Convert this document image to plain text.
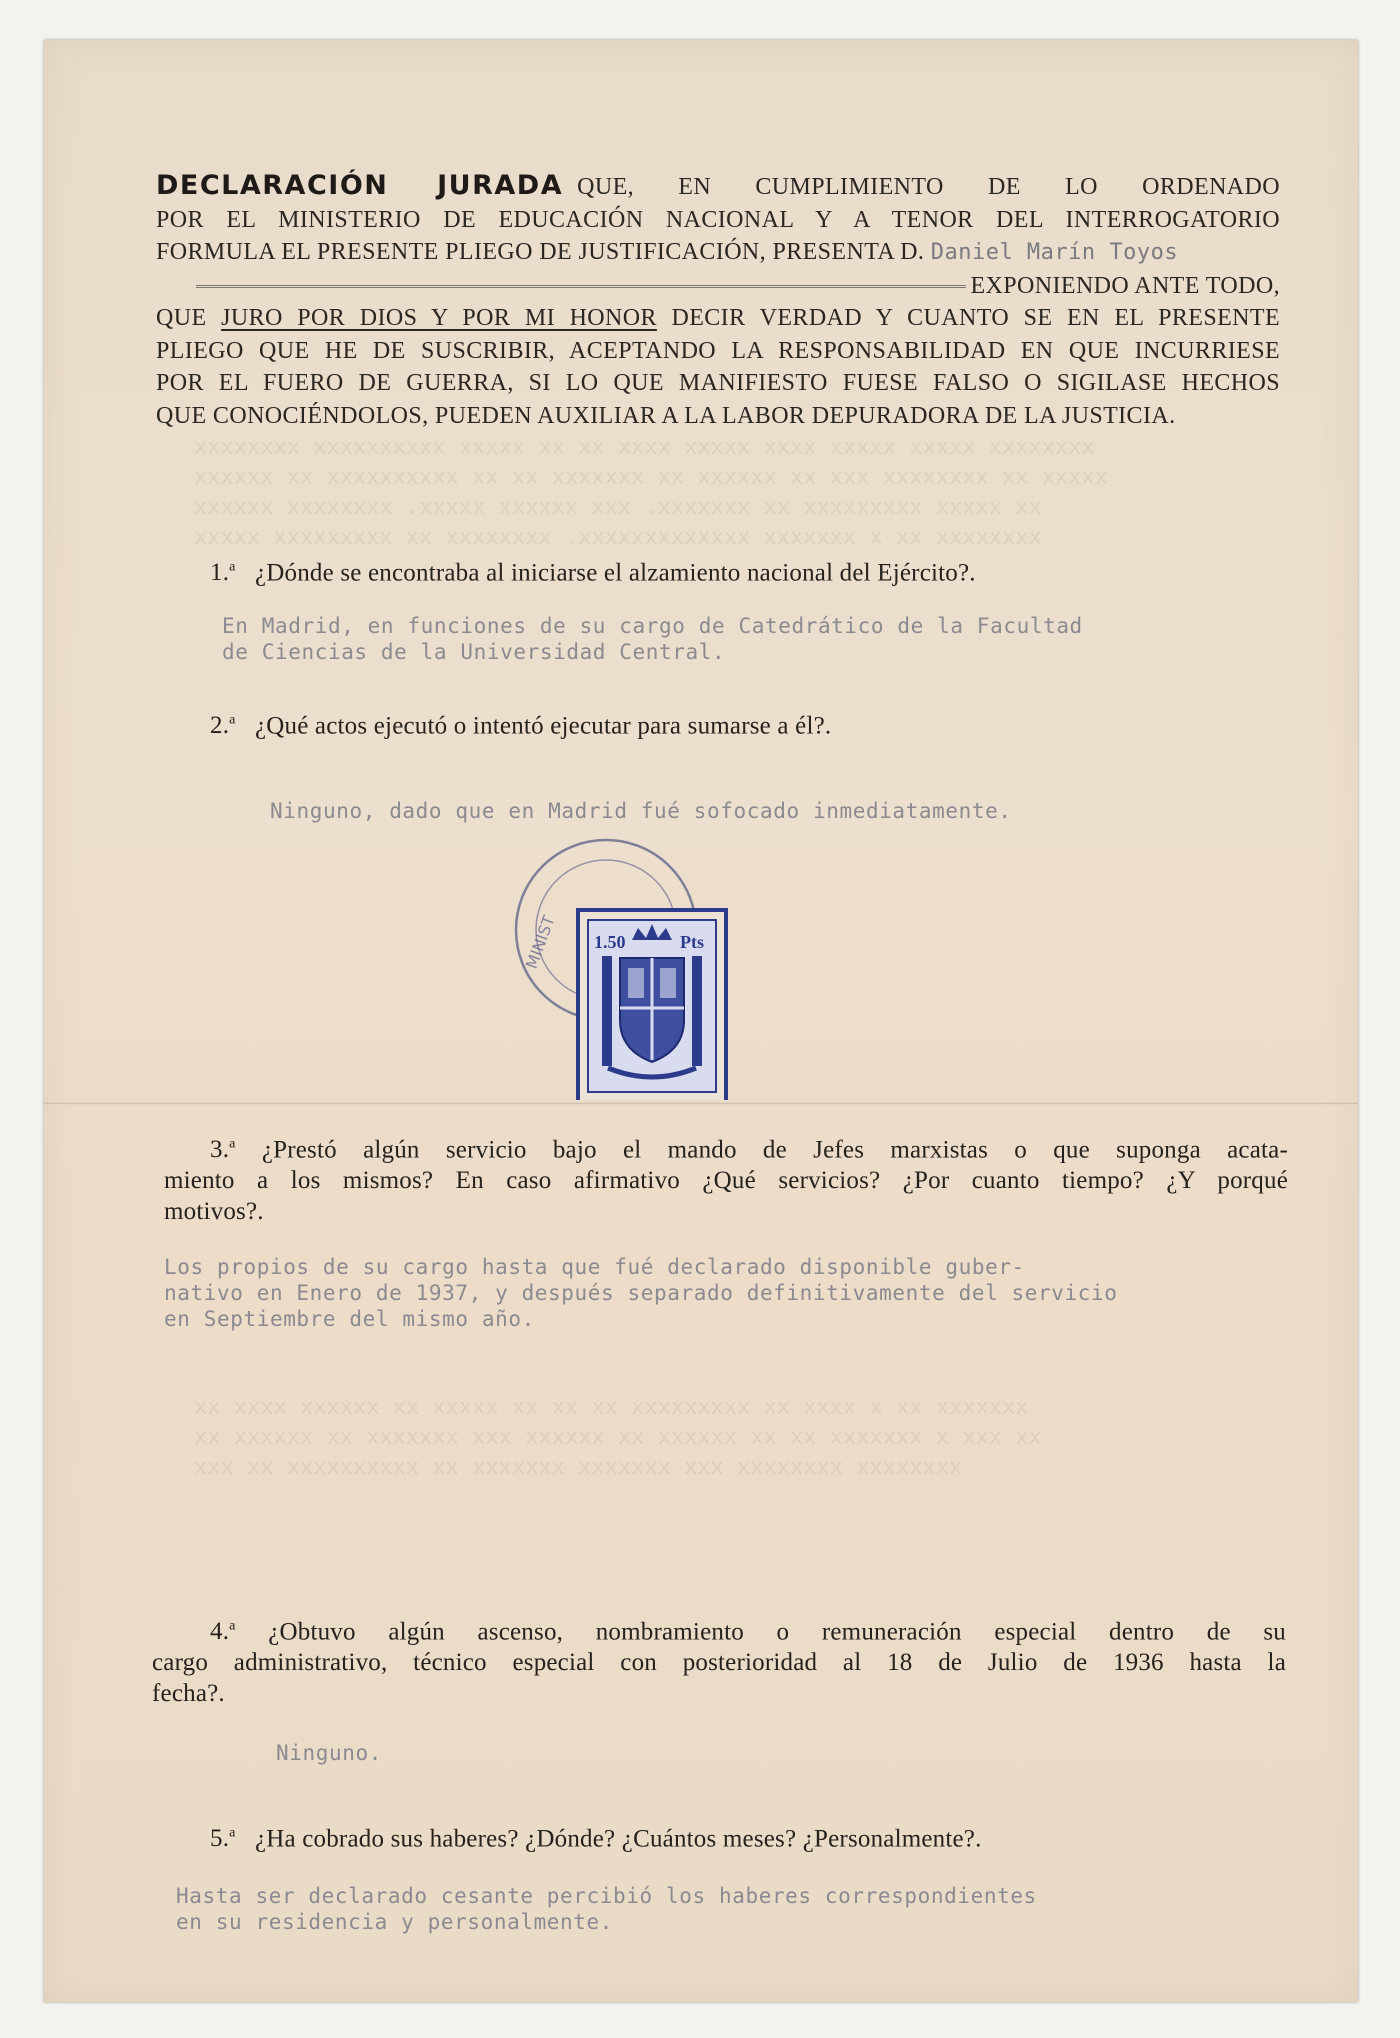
xxxxxxxx xxxxx xxxxx xxxx xxxxx xxxx xx xx xxxxx xxxxxxxxxx xxxxxxxx
xxxxx xx xxxxxxxx xxx xx xxxxxx xx xxxxxxx xx xx xxxxxxxxxx xx xxxxxx
xx xxxxx xxxxxxxxx xx xxxxxxx. xxx xxxxxx xxxxx. xxxxxxxx xxxxxx
xxxxxxxx xx x xxxxxxx xxxxxxxxxxxxx. xxxxxxxx xx xxxxxxxxx xxxxx
xxxxxxx xx x xxxx xx xxxxxxxxx xx xx xx xxxxx xx xxxxxx xxxx xx
xx xxx x xxxxxxx xx xx xxxxxx xx xxxxxx xxx xxxxxxx xx xxxxxx xx
xxxxxxxx xxxxxxxx xxx xxxxxxx xxxxxxx xx xxxxxxxxxx xx xxx
DECLARACIÓN JURADA QUE, EN CUMPLIMIENTO DE LO ORDENADO
POR EL MINISTERIO DE EDUCACIÓN NACIONAL Y A TENOR DEL INTERROGATORIO
FORMULA EL PRESENTE PLIEGO DE JUSTIFICACIÓN, PRESENTA D. Daniel Marín Toyos
EXPONIENDO ANTE TODO,
QUE JURO POR DIOS Y POR MI HONOR DECIR VERDAD Y CUANTO SE EN EL PRESENTE
PLIEGO QUE HE DE SUSCRIBIR, ACEPTANDO LA RESPONSABILIDAD EN QUE INCURRIESE
POR EL FUERO DE GUERRA, SI LO QUE MANIFIESTO FUESE FALSO O SIGILASE HECHOS
QUE CONOCIÉNDOLOS, PUEDEN AUXILIAR A LA LABOR DEPURADORA DE LA JUSTICIA.
1.$^a$ ¿Dónde se encontraba al iniciarse el alzamiento nacional del Ejército?.
En Madrid, en funciones de su cargo de Catedrático de la Facultad
de Ciencias de la Universidad Central.
2.$^a$ ¿Qué actos ejecutó o intentó ejecutar para sumarse a él?.
Ninguno, dado que en Madrid fué sofocado inmediatamente.
MINIST 1.50	Pts
3.$^a$ ¿Prestó algún servicio bajo el mando de Jefes marxistas o que suponga acata-
miento a los mismos? En caso afirmativo ¿Qué servicios? ¿Por cuanto tiempo? ¿Y porqué
motivos?.
Los propios de su cargo hasta que fué declarado disponible guber-
nativo en Enero de 1937, y después separado definitivamente del servicio
en Septiembre del mismo año.
4.$^a$ ¿Obtuvo algún ascenso, nombramiento o remuneración especial dentro de su
cargo administrativo, técnico especial con posterioridad al 18 de Julio de 1936 hasta la
fecha?.
Ninguno.
5.$^a$ ¿Ha cobrado sus haberes? ¿Dónde? ¿Cuántos meses? ¿Personalmente?.
Hasta ser declarado cesante percibió los haberes correspondientes
en su residencia y personalmente.
